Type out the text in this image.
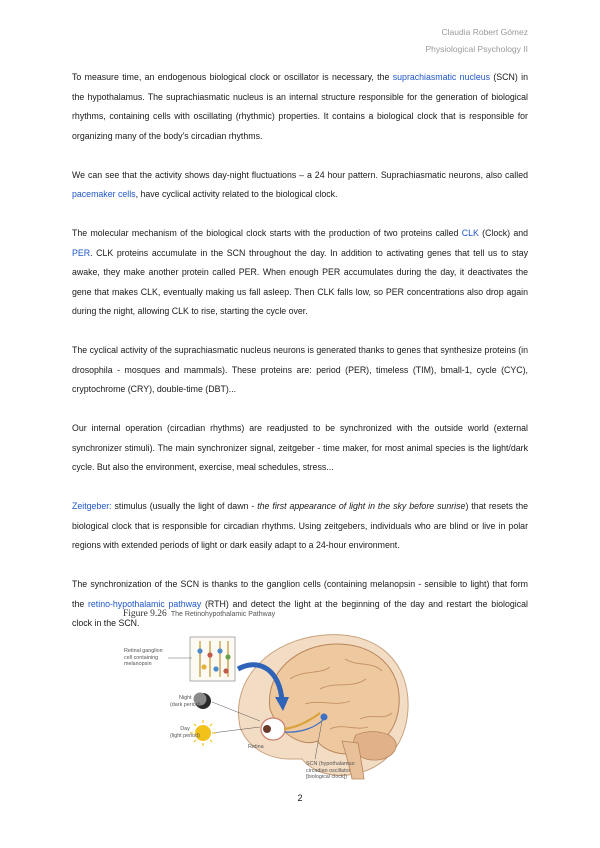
Claudia Robert Gómez
Physiological Psychology II

To measure time, an endogenous biological clock or oscillator is necessary, the suprachiasmatic nucleus (SCN) in the hypothalamus. The suprachiasmatic nucleus is an internal structure responsible for the generation of biological rhythms, containing cells with oscillating (rhythmic) properties. It contains a biological clock that is responsible for organizing many of the body's circadian rhythms.

We can see that the activity shows day-night fluctuations – a 24 hour pattern. Suprachiasmatic neurons, also called pacemaker cells, have cyclical activity related to the biological clock.

The molecular mechanism of the biological clock starts with the production of two proteins called CLK (Clock) and PER. CLK proteins accumulate in the SCN throughout the day. In addition to activating genes that tell us to stay awake, they make another protein called PER. When enough PER accumulates during the day, it deactivates the gene that makes CLK, eventually making us fall asleep. Then CLK falls low, so PER concentrations also drop again during the night, allowing CLK to rise, starting the cycle over.

The cyclical activity of the suprachiasmatic nucleus neurons is generated thanks to genes that synthesize proteins (in drosophila - mosques and mammals). These proteins are: period (PER), timeless (TIM), bmall-1, cycle (CYC), cryptochrome (CRY), double-time (DBT)...

Our internal operation (circadian rhythms) are readjusted to be synchronized with the outside world (external synchronizer stimuli). The main synchronizer signal, zeitgeber - time maker, for most animal species is the light/dark cycle. But also the environment, exercise, meal schedules, stress...

Zeitgeber: stimulus (usually the light of dawn - the first appearance of light in the sky before sunrise) that resets the biological clock that is responsible for circadian rhythms. Using zeitgebers, individuals who are blind or live in polar regions with extended periods of light or dark easily adapt to a 24-hour environment.

The synchronization of the SCN is thanks to the ganglion cells (containing melanopsin - sensible to light) that form the retino-hypothalamic pathway (RTH) and detect the light at the beginning of the day and restart the biological clock in the SCN.

Figure 9.26 The Retinohypothalamic Pathway
Retinal ganglion
cell containing
melanopsin
Night
(dark period)
Day
(light period)
Retina
SCN (hypothalamus:
circadian oscillator
[biological clock])
2
